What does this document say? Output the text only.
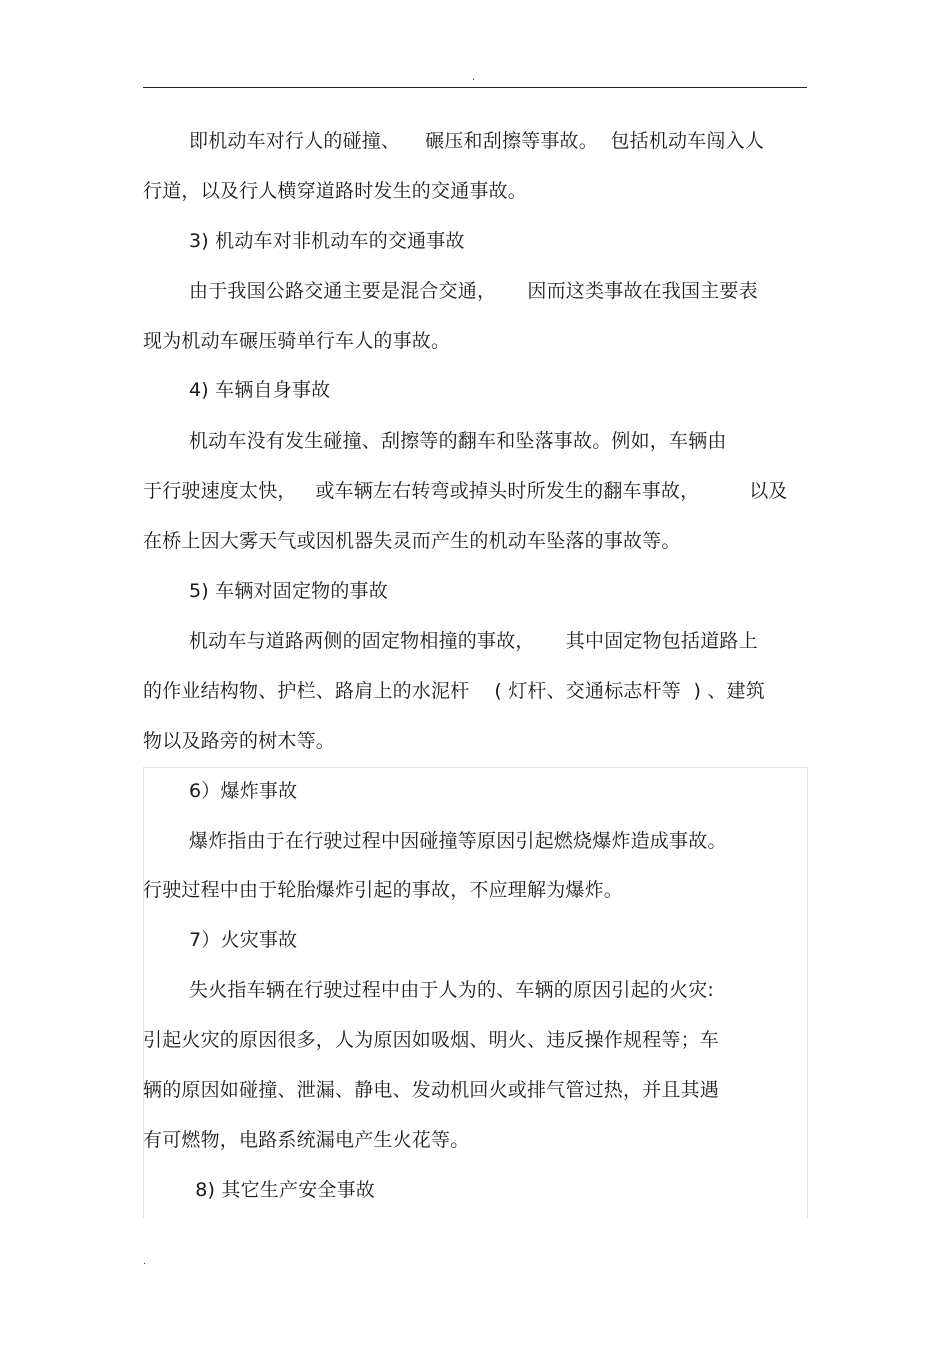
.
即机动车对行人的碰撞、    碾压和刮擦等事故。  包括机动车闯入人
行道，以及行人横穿道路时发生的交通事故。
3) 机动车对非机动车的交通事故
由于我国公路交通主要是混合交通，     因而这类事故在我国主要表
现为机动车碾压骑单行车人的事故。
4) 车辆自身事故
机动车没有发生碰撞、刮擦等的翻车和坠落事故。例如，车辆由
于行驶速度太快，   或车辆左右转弯或掉头时所发生的翻车事故，        以及
在桥上因大雾天气或因机器失灵而产生的机动车坠落的事故等。
5) 车辆对固定物的事故
机动车与道路两侧的固定物相撞的事故，     其中固定物包括道路上
的作业结构物、护栏、路肩上的水泥杆    ( 灯杆、交通标志杆等  ) 、建筑
物以及路旁的树木等。
6）爆炸事故
爆炸指由于在行驶过程中因碰撞等原因引起燃烧爆炸造成事故。
行驶过程中由于轮胎爆炸引起的事故，不应理解为爆炸。
7）火灾事故
失火指车辆在行驶过程中由于人为的、车辆的原因引起的火灾:
引起火灾的原因很多，人为原因如吸烟、明火、违反操作规程等；车
辆的原因如碰撞、泄漏、静电、发动机回火或排气管过热，并且其遇
有可燃物，电路系统漏电产生火花等。
8) 其它生产安全事故
.
